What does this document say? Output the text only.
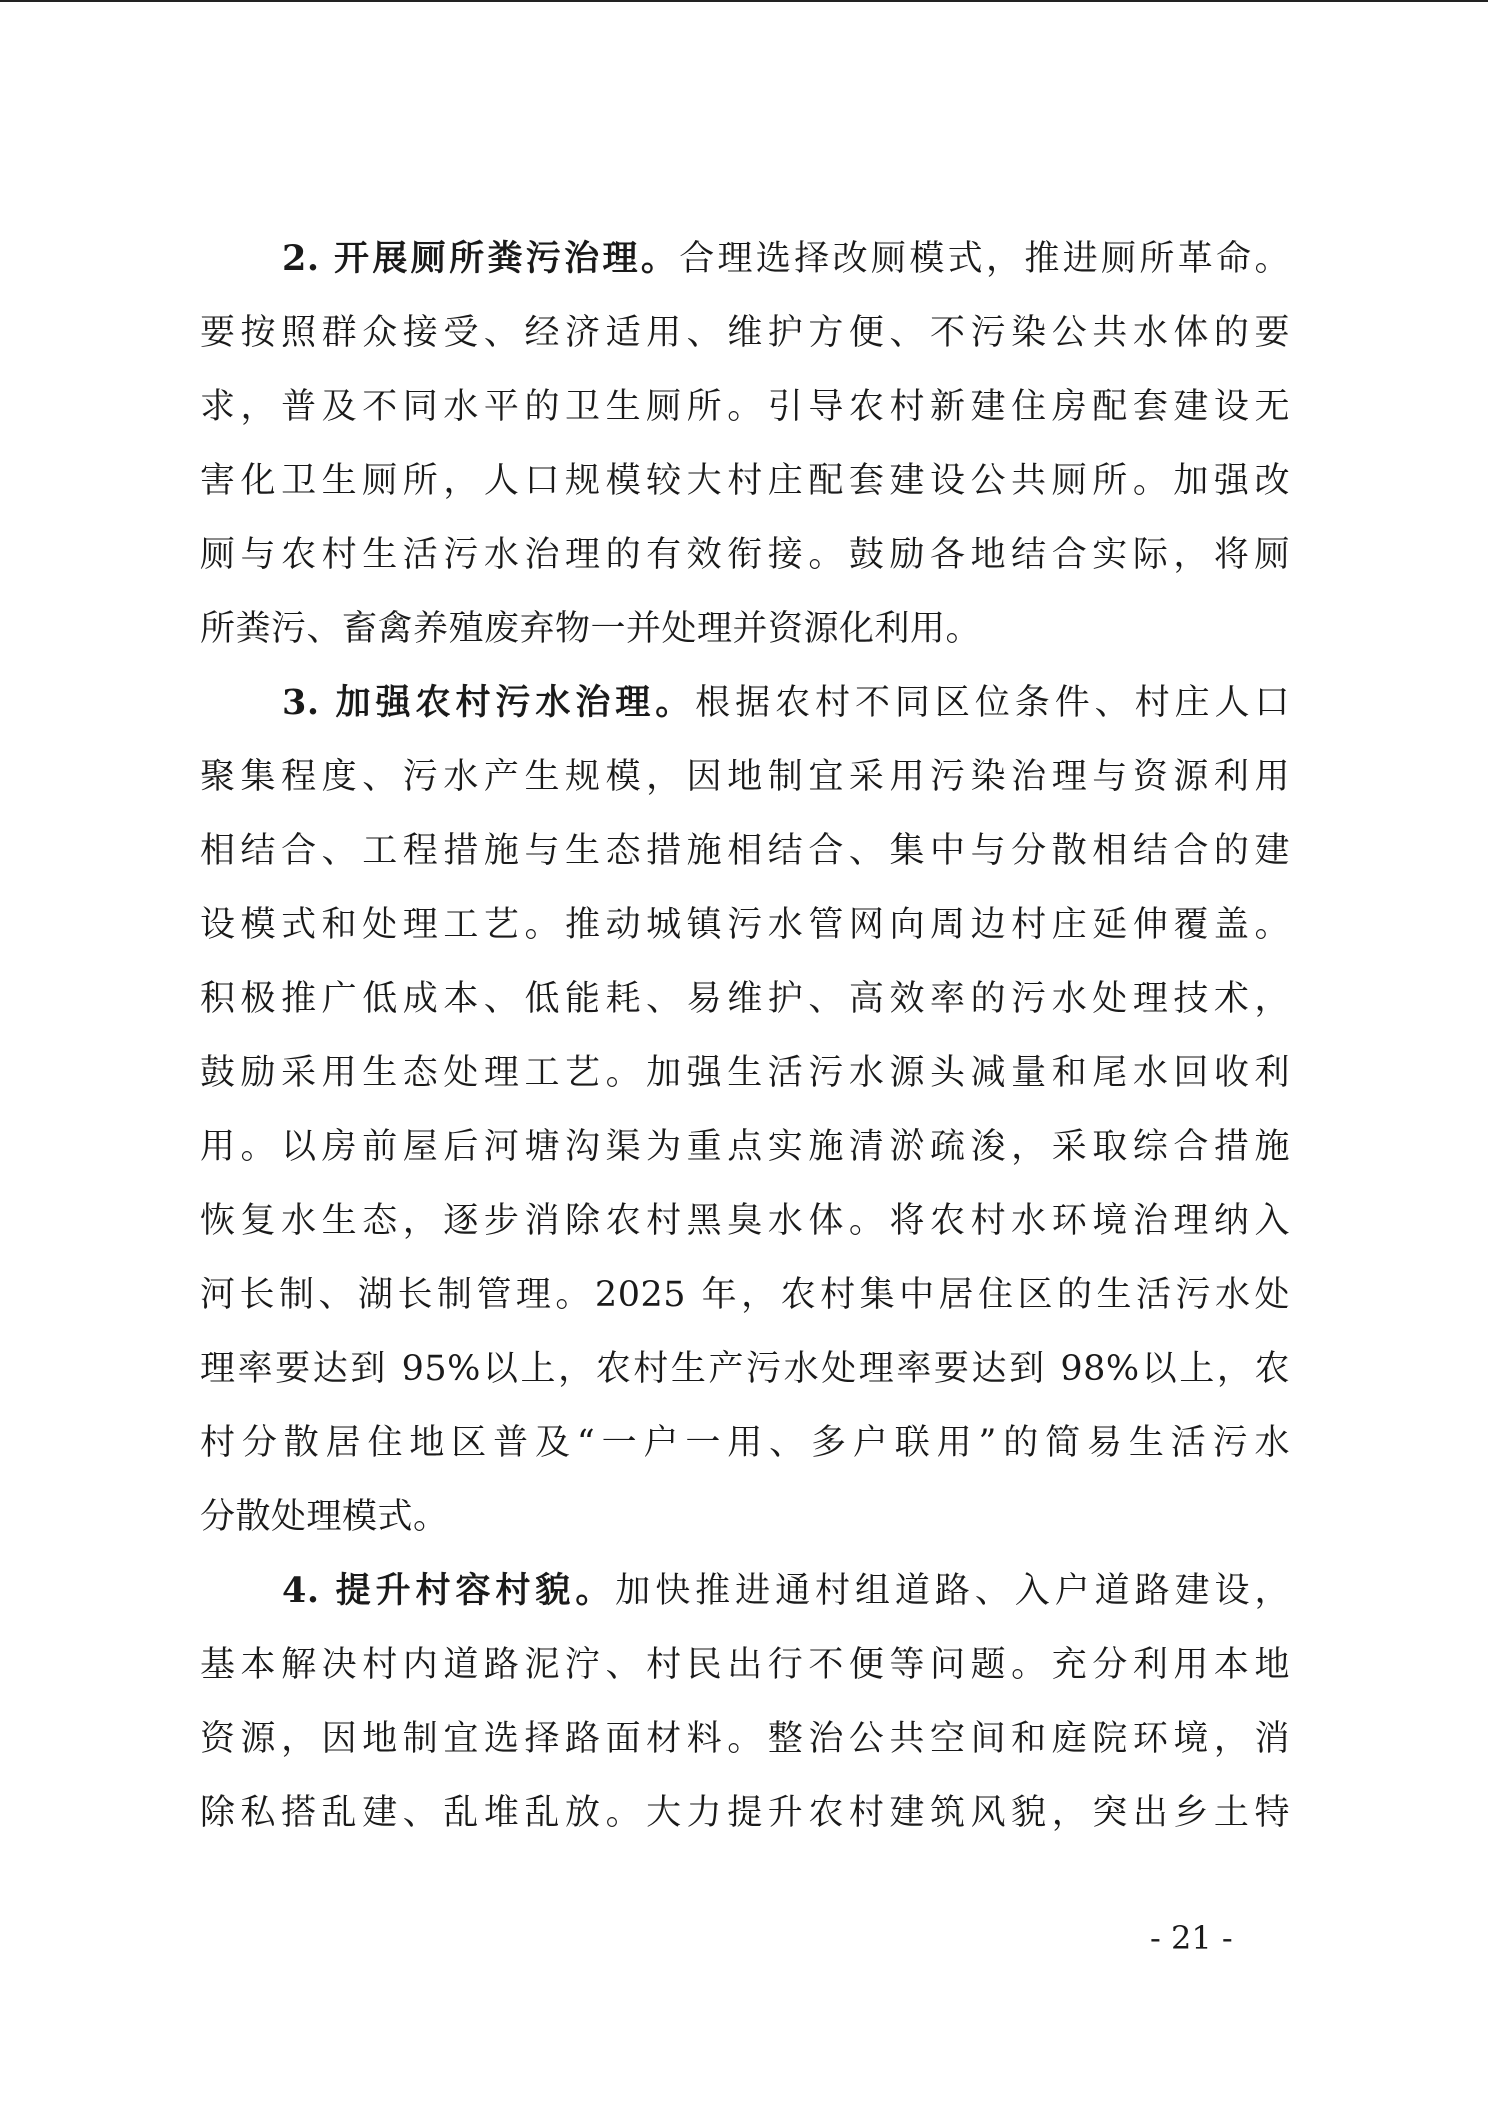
2. 开展厕所粪污治理。合理选择改厕模式，推进厕所革命。
要按照群众接受、经济适用、维护方便、不污染公共水体的要
求，普及不同水平的卫生厕所。引导农村新建住房配套建设无
害化卫生厕所，人口规模较大村庄配套建设公共厕所。加强改
厕与农村生活污水治理的有效衔接。鼓励各地结合实际，将厕
所粪污、畜禽养殖废弃物一并处理并资源化利用。
3. 加强农村污水治理。根据农村不同区位条件、村庄人口
聚集程度、污水产生规模，因地制宜采用污染治理与资源利用
相结合、工程措施与生态措施相结合、集中与分散相结合的建
设模式和处理工艺。推动城镇污水管网向周边村庄延伸覆盖。
积极推广低成本、低能耗、易维护、高效率的污水处理技术，
鼓励采用生态处理工艺。加强生活污水源头减量和尾水回收利
用。以房前屋后河塘沟渠为重点实施清淤疏浚，采取综合措施
恢复水生态，逐步消除农村黑臭水体。将农村水环境治理纳入
河长制、湖长制管理。2025 年，农村集中居住区的生活污水处
理率要达到 95%以上，农村生产污水处理率要达到 98%以上，农
村分散居住地区普及“一户一用、多户联用”的简易生活污水
分散处理模式。
4. 提升村容村貌。加快推进通村组道路、入户道路建设，
基本解决村内道路泥泞、村民出行不便等问题。充分利用本地
资源，因地制宜选择路面材料。整治公共空间和庭院环境，消
除私搭乱建、乱堆乱放。大力提升农村建筑风貌，突出乡土特
- 21 -
